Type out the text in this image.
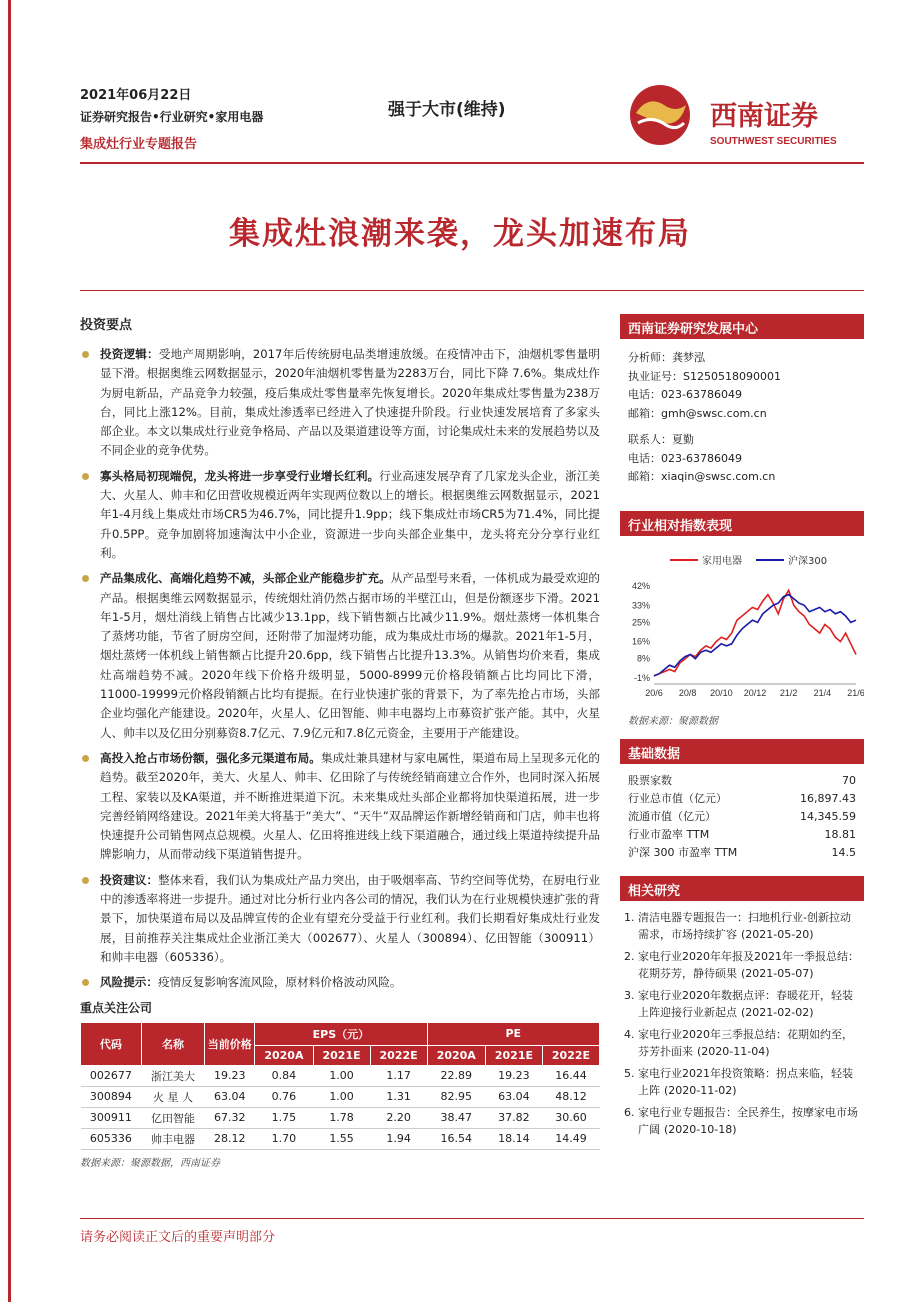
2021年06月22日
证券研究报告•行业研究•家用电器
集成灶行业专题报告
强于大市(维持)	西南证券
SOUTHWEST SECURITIES
集成灶浪潮来袭，龙头加速布局
投资要点
投资逻辑：受地产周期影响，2017年后传统厨电品类增速放缓。在疫情冲击下，油烟机零售量明显下滑。根据奥维云网数据显示，2020年油烟机零售量为2283万台，同比下降 7.6%。集成灶作为厨电新品，产品竞争力较强，疫后集成灶零售量率先恢复增长。2020年集成灶零售量为238万台，同比上涨12%。目前，集成灶渗透率已经进入了快速提升阶段。行业快速发展培育了多家头部企业。本文以集成灶行业竞争格局、产品以及渠道建设等方面，讨论集成灶未来的发展趋势以及不同企业的竞争优势。
寡头格局初现端倪，龙头将进一步享受行业增长红利。行业高速发展孕育了几家龙头企业，浙江美大、火星人、帅丰和亿田营收规模近两年实现两位数以上的增长。根据奥维云网数据显示，2021年1-4月线上集成灶市场CR5为46.7%，同比提升1.9pp；线下集成灶市场CR5为71.4%，同比提升0.5PP。竞争加剧将加速淘汰中小企业，资源进一步向头部企业集中，龙头将充分分享行业红利。
产品集成化、高端化趋势不减，头部企业产能稳步扩充。从产品型号来看，一体机成为最受欢迎的产品。根据奥维云网数据显示，传统烟灶消仍然占据市场的半壁江山，但是份额逐步下滑。2021年1-5月，烟灶消线上销售占比减少13.1pp，线下销售额占比减少11.9%。烟灶蒸烤一体机集合了蒸烤功能，节省了厨房空间，还附带了加湿烤功能，成为集成灶市场的爆款。2021年1-5月，烟灶蒸烤一体机线上销售额占比提升20.6pp，线下销售占比提升13.3%。从销售均价来看，集成灶高端趋势不减。2020年线下价格升级明显，5000-8999元价格段销额占比均同比下滑，11000-19999元价格段销额占比均有提振。在行业快速扩张的背景下，为了率先抢占市场，头部企业均强化产能建设。2020年，火星人、亿田智能、帅丰电器均上市募资扩张产能。其中，火星人、帅丰以及亿田分别募资8.7亿元、7.9亿元和7.8亿元资金，主要用于产能建设。
高投入抢占市场份额，强化多元渠道布局。集成灶兼具建材与家电属性，渠道布局上呈现多元化的趋势。截至2020年，美大、火星人、帅丰、亿田除了与传统经销商建立合作外，也同时深入拓展工程、家装以及KA渠道，并不断推进渠道下沉。未来集成灶头部企业都将加快渠道拓展，进一步完善经销网络建设。2021年美大将基于“美大”、“天牛”双品牌运作新增经销商和门店，帅丰也将快速提升公司销售网点总规模。火星人、亿田将推进线上线下渠道融合，通过线上渠道持续提升品牌影响力，从而带动线下渠道销售提升。
投资建议：整体来看，我们认为集成灶产品力突出，由于吸烟率高、节约空间等优势，在厨电行业中的渗透率将进一步提升。通过对比分析行业内各公司的情况，我们认为在行业规模快速扩张的背景下，加快渠道布局以及品牌宣传的企业有望充分受益于行业红利。我们长期看好集成灶行业发展，目前推荐关注集成灶企业浙江美大（002677）、火星人（300894）、亿田智能（300911）和帅丰电器（605336）。
风险提示：疫情反复影响客流风险，原材料价格波动风险。
重点关注公司
代码	名称	当前价格	EPS（元）			PE		
			2020A	2021E	2022E	2020A	2021E	2022E
002677	浙江美大	19.23	0.84	1.00	1.17	22.89	19.23	16.44
300894	火 星 人	63.04	0.76	1.00	1.31	82.95	63.04	48.12
300911	亿田智能	67.32	1.75	1.78	2.20	38.47	37.82	30.60
605336	帅丰电器	28.12	1.70	1.55	1.94	16.54	18.14	14.49
数据来源：聚源数据，西南证券
西南证券研究发展中心
分析师：龚梦泓
执业证号：S1250518090001
电话：023-63786049
邮箱：gmh@swsc.com.cn
联系人：夏勤
电话：023-63786049
邮箱：xiaqin@swsc.com.cn
行业相对指数表现
42%
33%
25%
16%
8%
-1%
20/6 20/8 20/10 20/12 21/2 21/4 21/6
家用电器	沪深300
数据来源：聚源数据
基础数据
股票家数	70
行业总市值（亿元）	16,897.43
流通市值（亿元）	14,345.59
行业市盈率 TTM	18.81
沪深 300 市盈率 TTM	14.5
相关研究
1. 清洁电器专题报告一：扫地机行业-创新拉动需求，市场持续扩容 (2021-05-20)
2. 家电行业2020年年报及2021年一季报总结：花期芬芳，静待硕果 (2021-05-07)
3. 家电行业2020年数据点评：春暖花开，轻装上阵迎接行业新起点 (2021-02-02)
4. 家电行业2020年三季报总结：花期如约至，芬芳扑面来 (2020-11-04)
5. 家电行业2021年投资策略：拐点来临，轻装上阵 (2020-11-02)
6. 家电行业专题报告：全民养生，按摩家电市场广阔 (2020-10-18)
请务必阅读正文后的重要声明部分
